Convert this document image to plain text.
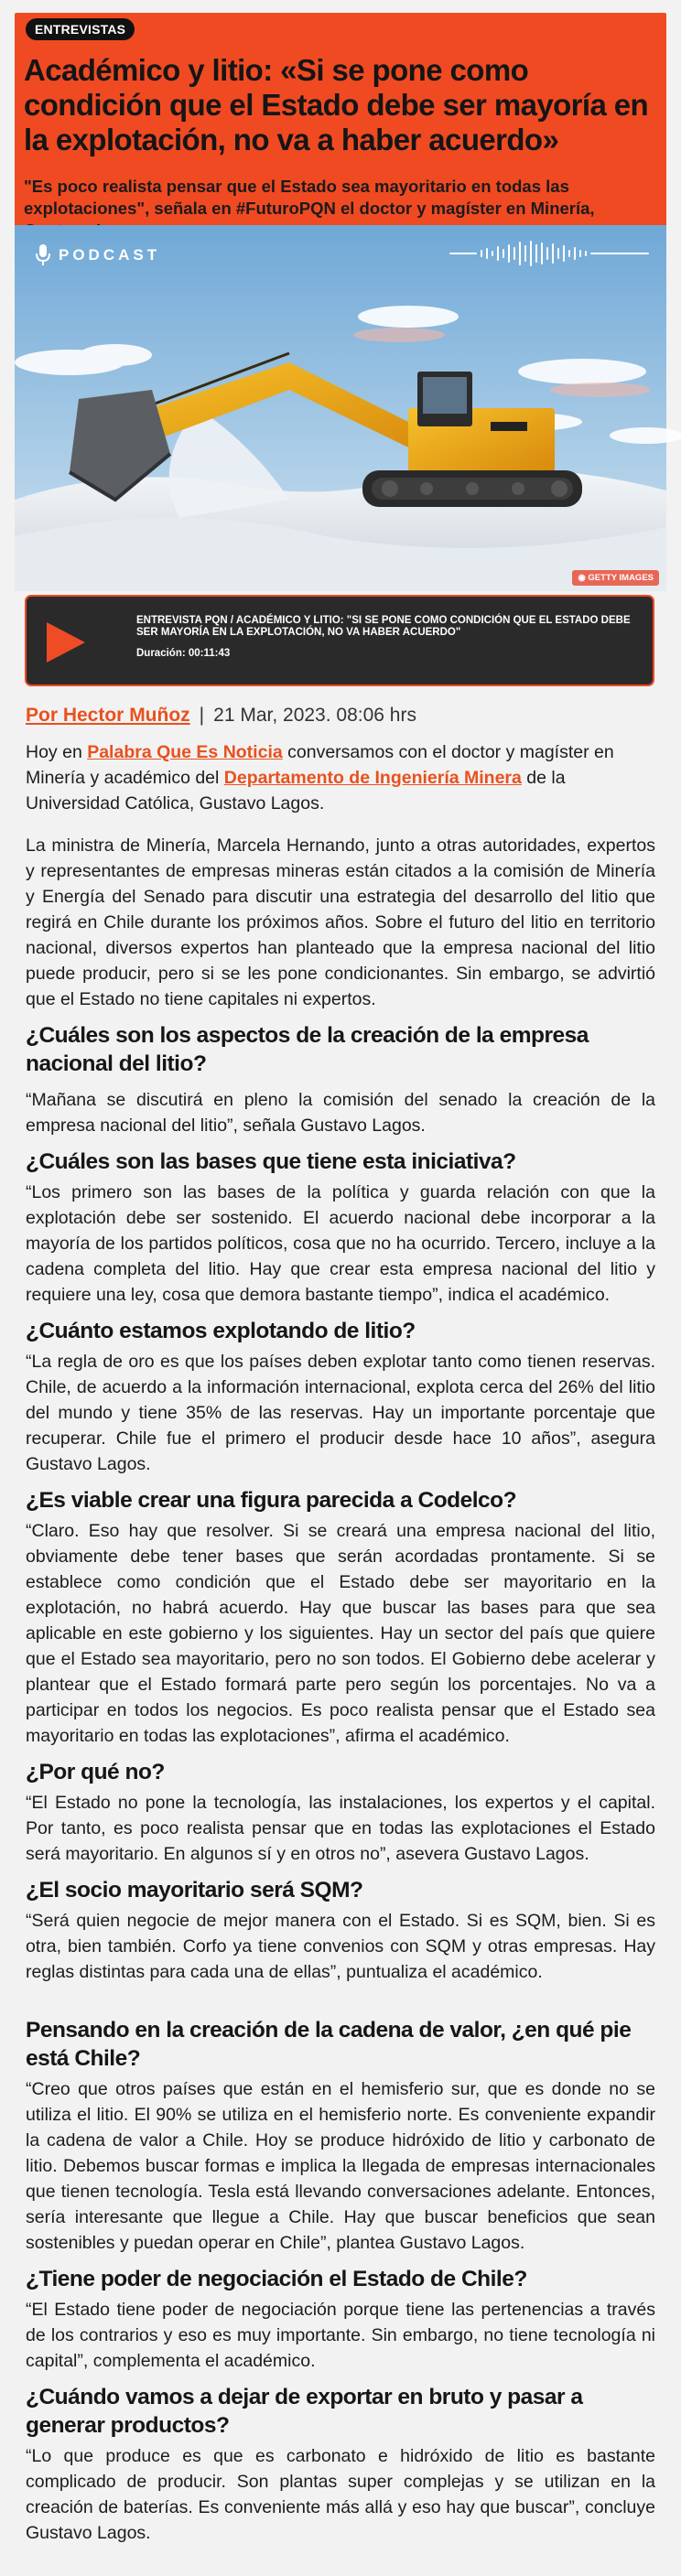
ENTREVISTAS
Académico y litio: «Si se pone como condición que el Estado debe ser mayoría en la explotación, no va a haber acuerdo»

"Es poco realista pensar que el Estado sea mayoritario en todas las explotaciones", señala en #FuturoPQN el doctor y magíster en Minería,

PODCAST
◉ GETTY IMAGES

ENTREVISTA PQN / ACADÉMICO Y LITIO: "SI SE PONE COMO CONDICIÓN QUE EL ESTADO DEBE SER MAYORÍA EN LA EXPLOTACIÓN, NO VA HABER ACUERDO"

Duración: 00:11:43
Por Hector Muñoz | 21 Mar, 2023. 08:06 hrs

Hoy en Palabra Que Es Noticia conversamos con el doctor y magíster en Minería y académico del Departamento de Ingeniería Minera de la Universidad Católica, Gustavo Lagos.

La ministra de Minería, Marcela Hernando, junto a otras autoridades, expertos y representantes de empresas mineras están citados a la comisión de Minería y Energía del Senado para discutir una estrategia del desarrollo del litio que regirá en Chile durante los próximos años. Sobre el futuro del litio en territorio nacional, diversos expertos han planteado que la empresa nacional del litio puede producir, pero si se les pone condicionantes. Sin embargo, se advirtió que el Estado no tiene capitales ni expertos.

¿Cuáles son los aspectos de la creación de la empresa nacional del litio?

“Mañana se discutirá en pleno la comisión del senado la creación de la empresa nacional del litio”, señala Gustavo Lagos.

¿Cuáles son las bases que tiene esta iniciativa?

“Los primero son las bases de la política y guarda relación con que la explotación debe ser sostenido. El acuerdo nacional debe incorporar a la mayoría de los partidos políticos, cosa que no ha ocurrido. Tercero, incluye a la cadena completa del litio. Hay que crear esta empresa nacional del litio y requiere una ley, cosa que demora bastante tiempo”, indica el académico.

¿Cuánto estamos explotando de litio?

“La regla de oro es que los países deben explotar tanto como tienen reservas. Chile, de acuerdo a la información internacional, explota cerca del 26% del litio del mundo y tiene 35% de las reservas. Hay un importante porcentaje que recuperar. Chile fue el primero el producir desde hace 10 años”, asegura Gustavo Lagos.

¿Es viable crear una figura parecida a Codelco?

“Claro. Eso hay que resolver. Si se creará una empresa nacional del litio, obviamente debe tener bases que serán acordadas prontamente. Si se establece como condición que el Estado debe ser mayoritario en la explotación, no habrá acuerdo. Hay que buscar las bases para que sea aplicable en este gobierno y los siguientes. Hay un sector del país que quiere que el Estado sea mayoritario, pero no son todos. El Gobierno debe acelerar y plantear que el Estado formará parte pero según los porcentajes. No va a participar en todos los negocios. Es poco realista pensar que el Estado sea mayoritario en todas las explotaciones”, afirma el académico.

¿Por qué no?

“El Estado no pone la tecnología, las instalaciones, los expertos y el capital. Por tanto, es poco realista pensar que en todas las explotaciones el Estado será mayoritario. En algunos sí y en otros no”, asevera Gustavo Lagos.

¿El socio mayoritario será SQM?

“Será quien negocie de mejor manera con el Estado. Si es SQM, bien. Si es otra, bien también. Corfo ya tiene convenios con SQM y otras empresas. Hay reglas distintas para cada una de ellas”, puntualiza el académico.

Pensando en la creación de la cadena de valor, ¿en qué pie está Chile?

“Creo que otros países que están en el hemisferio sur, que es donde no se utiliza el litio. El 90% se utiliza en el hemisferio norte. Es conveniente expandir la cadena de valor a Chile. Hoy se produce hidróxido de litio y carbonato de litio. Debemos buscar formas e implica la llegada de empresas internacionales que tienen tecnología. Tesla está llevando conversaciones adelante. Entonces, sería interesante que llegue a Chile. Hay que buscar beneficios que sean sostenibles y puedan operar en Chile”, plantea Gustavo Lagos.

¿Tiene poder de negociación el Estado de Chile?

“El Estado tiene poder de negociación porque tiene las pertenencias a través de los contrarios y eso es muy importante. Sin embargo, no tiene tecnología ni capital”, complementa el académico.

¿Cuándo vamos a dejar de exportar en bruto y pasar a generar productos?

“Lo que produce es que es carbonato e hidróxido de litio es bastante complicado de producir. Son plantas super complejas y se utilizan en la creación de baterías. Es conveniente más allá y eso hay que buscar”, concluye Gustavo Lagos.
